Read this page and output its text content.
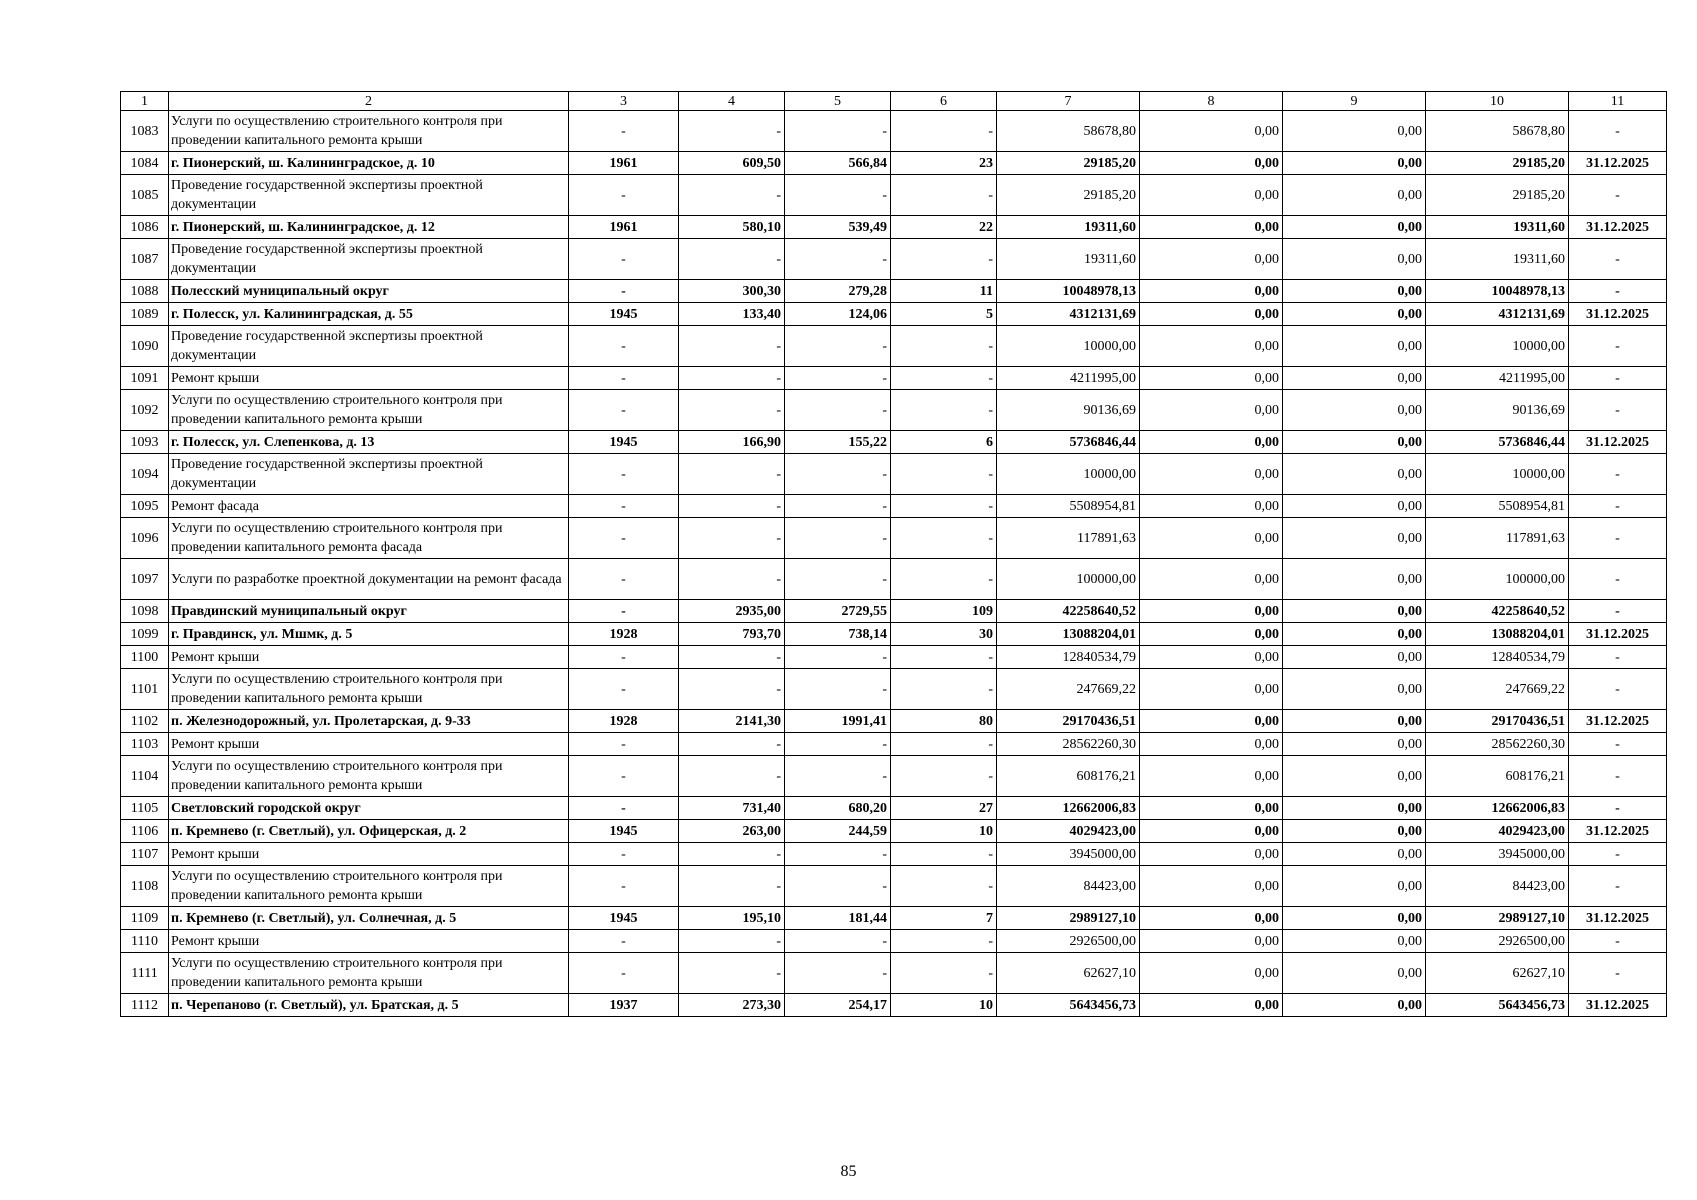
1	2	3	4	5	6	7	8	9	10	11
1083	Услуги по осуществлению строительного контроля при проведении капитального ремонта крыши	-	-	-	-	58678,80	0,00	0,00	58678,80	-
1084	г. Пионерский, ш. Калининградское, д. 10	1961	609,50	566,84	23	29185,20	0,00	0,00	29185,20	31.12.2025
1085	Проведение государственной экспертизы проектной документации	-	-	-	-	29185,20	0,00	0,00	29185,20	-
1086	г. Пионерский, ш. Калининградское, д. 12	1961	580,10	539,49	22	19311,60	0,00	0,00	19311,60	31.12.2025
1087	Проведение государственной экспертизы проектной документации	-	-	-	-	19311,60	0,00	0,00	19311,60	-
1088	Полесский муниципальный округ	-	300,30	279,28	11	10048978,13	0,00	0,00	10048978,13	-
1089	г. Полесск, ул. Калининградская, д. 55	1945	133,40	124,06	5	4312131,69	0,00	0,00	4312131,69	31.12.2025
1090	Проведение государственной экспертизы проектной документации	-	-	-	-	10000,00	0,00	0,00	10000,00	-
1091	Ремонт крыши	-	-	-	-	4211995,00	0,00	0,00	4211995,00	-
1092	Услуги по осуществлению строительного контроля при проведении капитального ремонта крыши	-	-	-	-	90136,69	0,00	0,00	90136,69	-
1093	г. Полесск, ул. Слепенкова, д. 13	1945	166,90	155,22	6	5736846,44	0,00	0,00	5736846,44	31.12.2025
1094	Проведение государственной экспертизы проектной документации	-	-	-	-	10000,00	0,00	0,00	10000,00	-
1095	Ремонт фасада	-	-	-	-	5508954,81	0,00	0,00	5508954,81	-
1096	Услуги по осуществлению строительного контроля при проведении капитального ремонта фасада	-	-	-	-	117891,63	0,00	0,00	117891,63	-
1097	Услуги по разработке проектной документации на ремонт фасада	-	-	-	-	100000,00	0,00	0,00	100000,00	-
1098	Правдинский муниципальный округ	-	2935,00	2729,55	109	42258640,52	0,00	0,00	42258640,52	-
1099	г. Правдинск, ул. Мшмк, д. 5	1928	793,70	738,14	30	13088204,01	0,00	0,00	13088204,01	31.12.2025
1100	Ремонт крыши	-	-	-	-	12840534,79	0,00	0,00	12840534,79	-
1101	Услуги по осуществлению строительного контроля при проведении капитального ремонта крыши	-	-	-	-	247669,22	0,00	0,00	247669,22	-
1102	п. Железнодорожный, ул. Пролетарская, д. 9-33	1928	2141,30	1991,41	80	29170436,51	0,00	0,00	29170436,51	31.12.2025
1103	Ремонт крыши	-	-	-	-	28562260,30	0,00	0,00	28562260,30	-
1104	Услуги по осуществлению строительного контроля при проведении капитального ремонта крыши	-	-	-	-	608176,21	0,00	0,00	608176,21	-
1105	Светловский городской округ	-	731,40	680,20	27	12662006,83	0,00	0,00	12662006,83	-
1106	п. Кремнево (г. Светлый), ул. Офицерская, д. 2	1945	263,00	244,59	10	4029423,00	0,00	0,00	4029423,00	31.12.2025
1107	Ремонт крыши	-	-	-	-	3945000,00	0,00	0,00	3945000,00	-
1108	Услуги по осуществлению строительного контроля при проведении капитального ремонта крыши	-	-	-	-	84423,00	0,00	0,00	84423,00	-
1109	п. Кремнево (г. Светлый), ул. Солнечная, д. 5	1945	195,10	181,44	7	2989127,10	0,00	0,00	2989127,10	31.12.2025
1110	Ремонт крыши	-	-	-	-	2926500,00	0,00	0,00	2926500,00	-
1111	Услуги по осуществлению строительного контроля при проведении капитального ремонта крыши	-	-	-	-	62627,10	0,00	0,00	62627,10	-
1112	п. Черепаново (г. Светлый), ул. Братская, д. 5	1937	273,30	254,17	10	5643456,73	0,00	0,00	5643456,73	31.12.2025
85
